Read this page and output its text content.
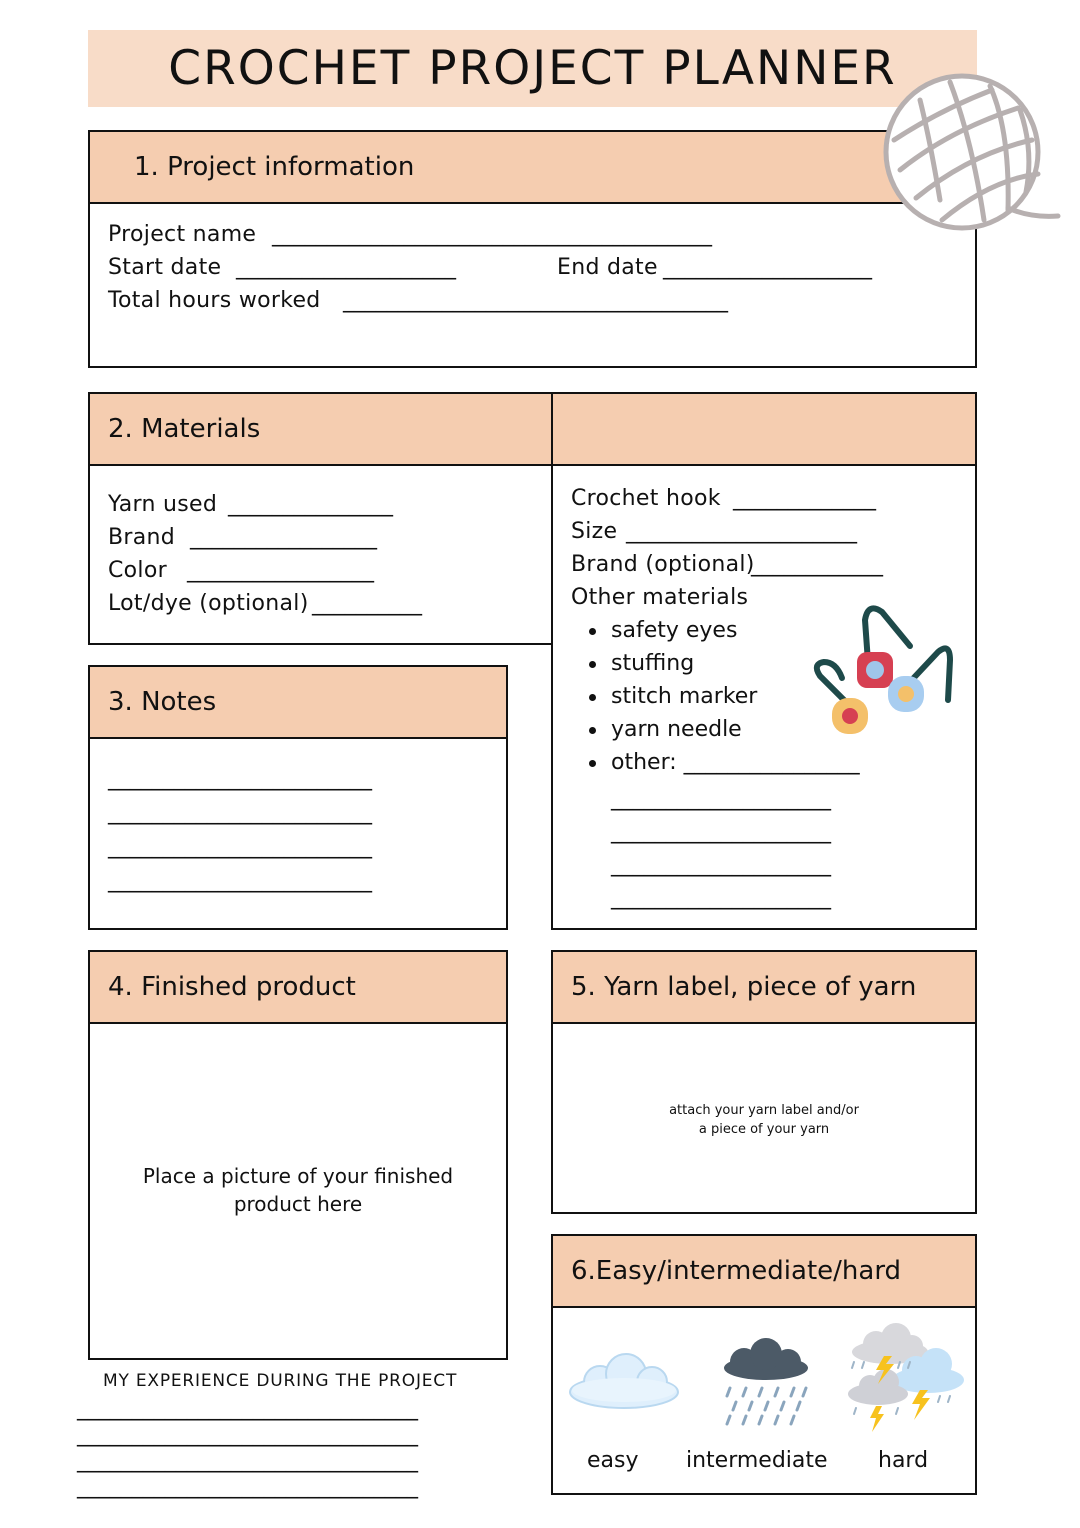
CROCHET PROJECT PLANNER
1. Project information
Project name ________________________________________
Start date ____________________	End date ___________________
Total hours worked ___________________________________
2. Materials
Yarn used _______________
Brand _________________
Color _________________
Lot/dye (optional) __________
Crochet hook _____________
Size _____________________
Brand (optional)
____________
Other materials
safety eyes
stuffing
stitch marker
yarn needle
other: ________________
____________________
____________________
____________________
____________________
3. Notes
________________________
________________________
________________________
________________________
4. Finished product
Place a picture of your finished
product here
5. Yarn label, piece of yarn
attach your yarn label and/or
a piece of your yarn
6.Easy/intermediate/hard
easy intermediate hard
MY EXPERIENCE DURING THE PROJECT
_______________________________
_______________________________
_______________________________
_______________________________
